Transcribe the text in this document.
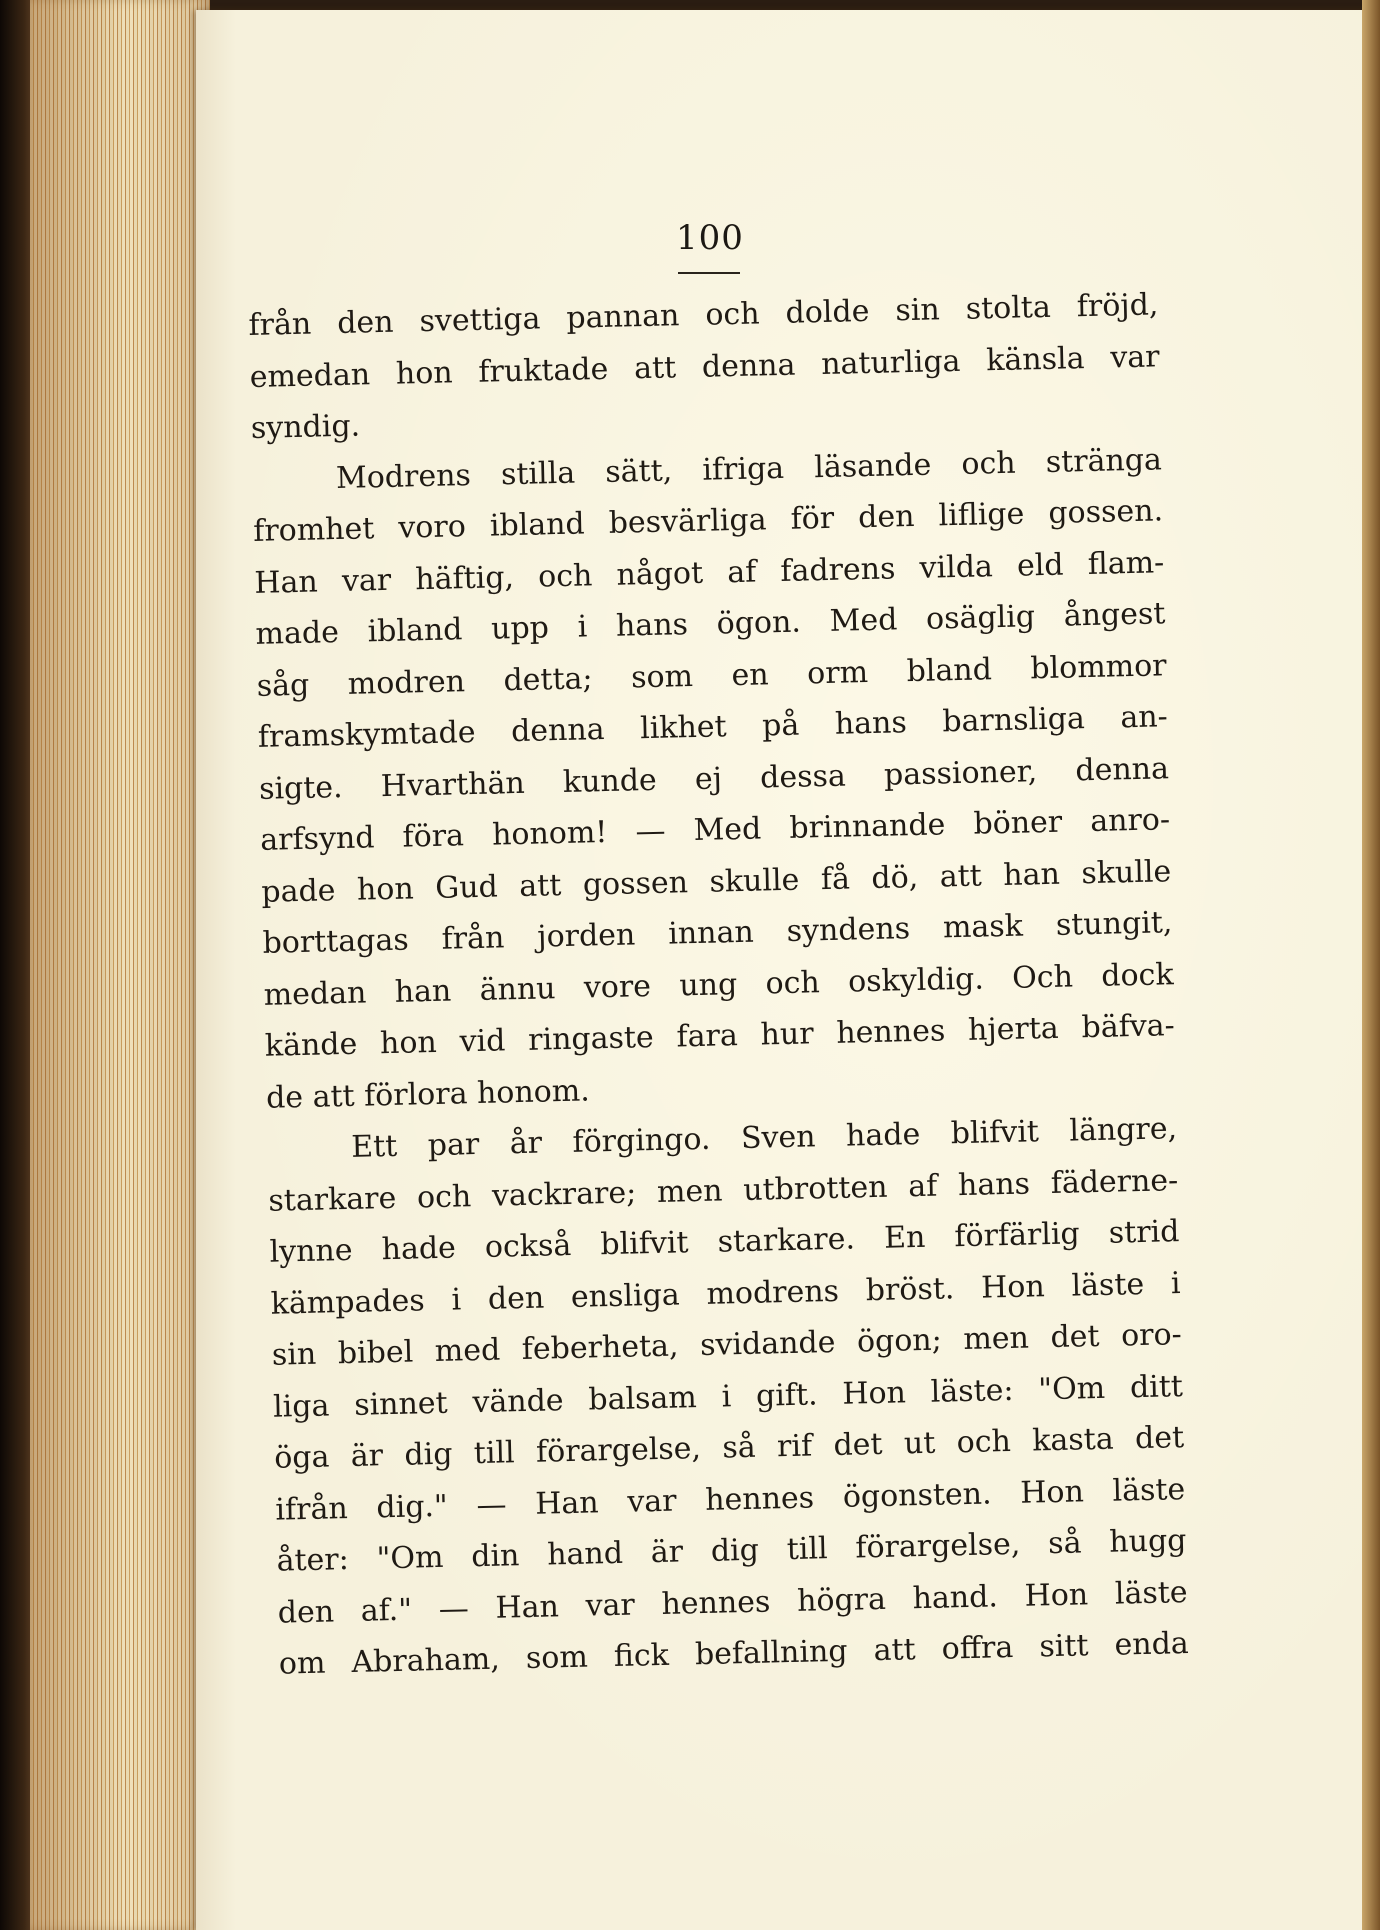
100
från den svettiga pannan och dolde sin stolta fröjd,
emedan hon fruktade att denna naturliga känsla var
syndig.
Modrens stilla sätt, ifriga läsande och stränga
fromhet voro ibland besvärliga för den liflige gossen.
Han var häftig, och något af fadrens vilda eld flam-
made ibland upp i hans ögon. Med osäglig ångest
såg modren detta; som en orm bland blommor
framskymtade denna likhet på hans barnsliga an-
sigte. Hvarthän kunde ej dessa passioner, denna
arfsynd föra honom! — Med brinnande böner anro-
pade hon Gud att gossen skulle få dö, att han skulle
borttagas från jorden innan syndens mask stungit,
medan han ännu vore ung och oskyldig. Och dock
kände hon vid ringaste fara hur hennes hjerta bäfva-
de att förlora honom.
Ett par år förgingo. Sven hade blifvit längre,
starkare och vackrare; men utbrotten af hans fäderne-
lynne hade också blifvit starkare. En förfärlig strid
kämpades i den ensliga modrens bröst. Hon läste i
sin bibel med feberheta, svidande ögon; men det oro-
liga sinnet vände balsam i gift. Hon läste: "Om ditt
öga är dig till förargelse, så rif det ut och kasta det
ifrån dig." — Han var hennes ögonsten. Hon läste
åter: "Om din hand är dig till förargelse, så hugg
den af." — Han var hennes högra hand. Hon läste
om Abraham, som fick befallning att offra sitt enda
